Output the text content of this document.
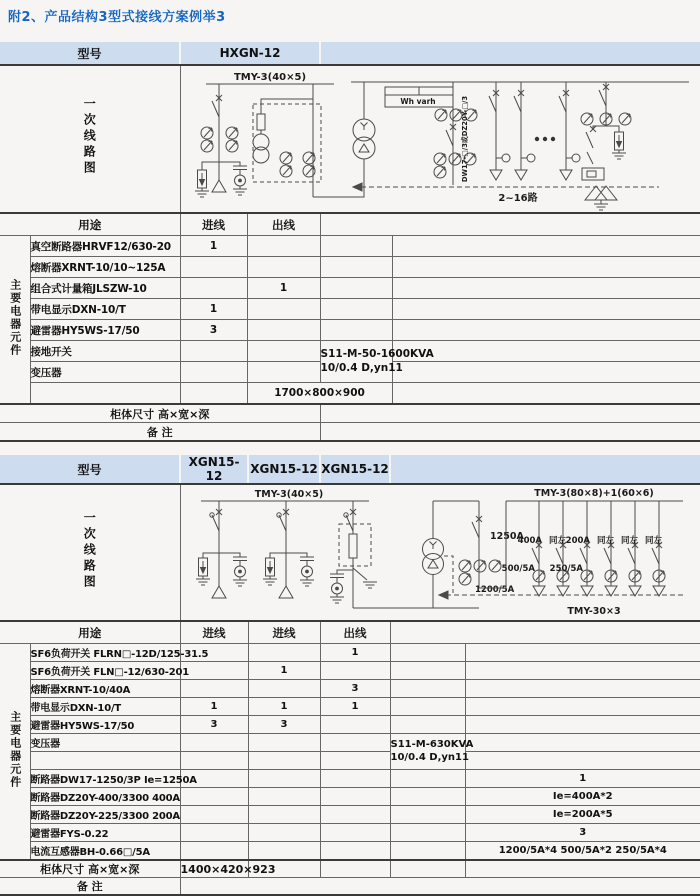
附2、产品结构3型式接线方案例举3
型号		HXGN-12			
一次线路图		TMY-3(40×5)
Wh varh DW17-□/3或DZ20Y-□/3
2~16路			

用途		进线	出线		
主要电器元件	真空断路器HRVF12/630-20	1			
	熔断器XRNT-10/10~125A				
	组合式计量箱JLSZW-10		1		
	带电显示DXN-10/T	1			
	避雷器HY5WS-17/50	3			
	接地开关			S11-M-50-1600KVA
10/0.4 D,yn11	

	变压器				
			1700×800×900		
柜体尺寸 高×宽×深					
备 注					
型号		XGN15-12	XGN15-12	XGN15-12		
一次线路图	
TMY-3(40×5)
1250A
1200/5A
TMY-3(80×8)+1(60×6)
400A 同左 200A 同左 同左 同左
500/5A 250/5A
TMY-30×3

用途		进线	进线	出线		
主要电器元件	SF6负荷开关 FLRN□-12D/125-31.5			1		
	SF6负荷开关 FLN□-12/630-201		1			
	熔断器XRNT-10/40A			3		
	带电显示DXN-10/T	1	1	1		
	避雷器HY5WS-17/50	3	3			
	变压器				S11-M-630KVA
10/0.4 D,yn11	

	断路器DW17-1250/3P Ie=1250A					1
	断路器DZ20Y-400/3300 400A					Ie=400A*2
	断路器DZ20Y-225/3300 200A					Ie=200A*5
	避雷器FYS-0.22					3
	电流互感器BH-0.66□/5A					1200/5A*4 500/5A*2 250/5A*4
柜体尺寸 高×宽×深		1400×420×923				
备 注						
